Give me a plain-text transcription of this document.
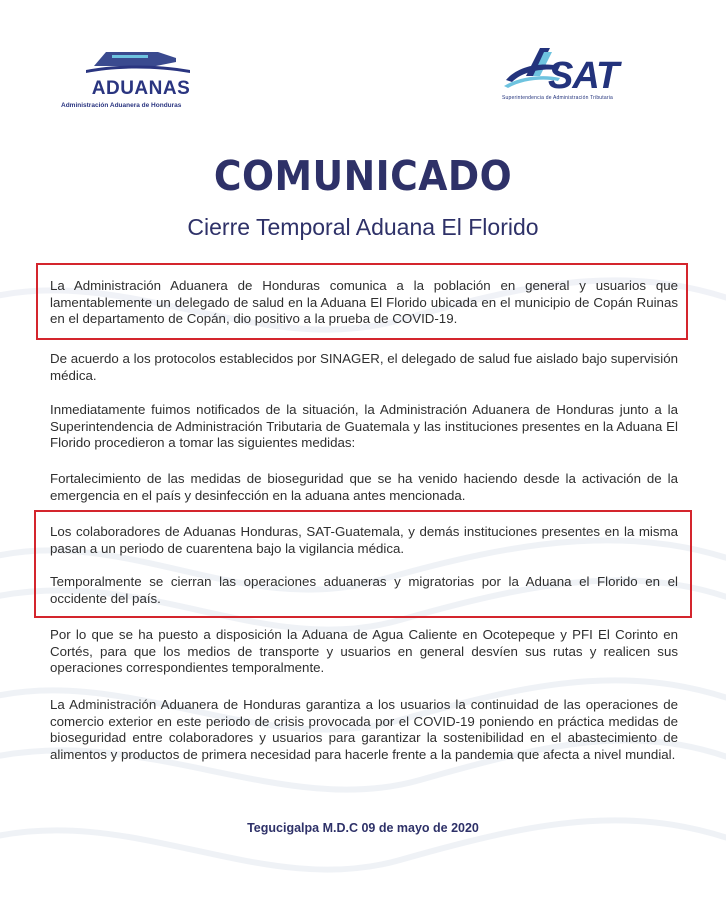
ADUANAS
Administración Aduanera de Honduras
SAT
Superintendencia de Administración Tributaria
COMUNICADO
Cierre Temporal Aduana El Florido
La Administración Aduanera de Honduras comunica a la población en general y usuarios que lamentablemente un delegado de salud en la Aduana El Florido ubicada en el municipio de Copán Ruinas en el departamento de Copán, dio positivo a la prueba de COVID-19.
De acuerdo a los protocolos establecidos por SINAGER, el delegado de salud fue aislado bajo supervisión médica.
Inmediatamente fuimos notificados de la situación, la Administración Aduanera de Honduras junto a la Superintendencia de Administración Tributaria de Guatemala y las instituciones presentes en la Aduana El Florido procedieron a tomar las siguientes medidas:
Fortalecimiento de las medidas de bioseguridad que se ha venido haciendo desde la activación de la emergencia en el país y desinfección en la aduana antes mencionada.
Los colaboradores de Aduanas Honduras, SAT-Guatemala, y demás instituciones presentes en la misma pasan a un periodo de cuarentena bajo la vigilancia médica.
Temporalmente se cierran las operaciones aduaneras y migratorias por la Aduana el Florido en el occidente del país.
Por lo que se ha puesto a disposición la Aduana de Agua Caliente en Ocotepeque y PFI El Corinto en Cortés, para que los medios de transporte y usuarios en general desvíen sus rutas y realicen sus operaciones correspondientes temporalmente.
La Administración Aduanera de Honduras garantiza a los usuarios la continuidad de las operaciones de comercio exterior en este periodo de crisis provocada por el COVID-19 poniendo en práctica medidas de bioseguridad entre colaboradores y usuarios para garantizar la sostenibilidad en el abastecimiento de alimentos y productos de primera necesidad para hacerle frente a la pandemia que afecta a nivel mundial.
Tegucigalpa M.D.C 09 de mayo de 2020
